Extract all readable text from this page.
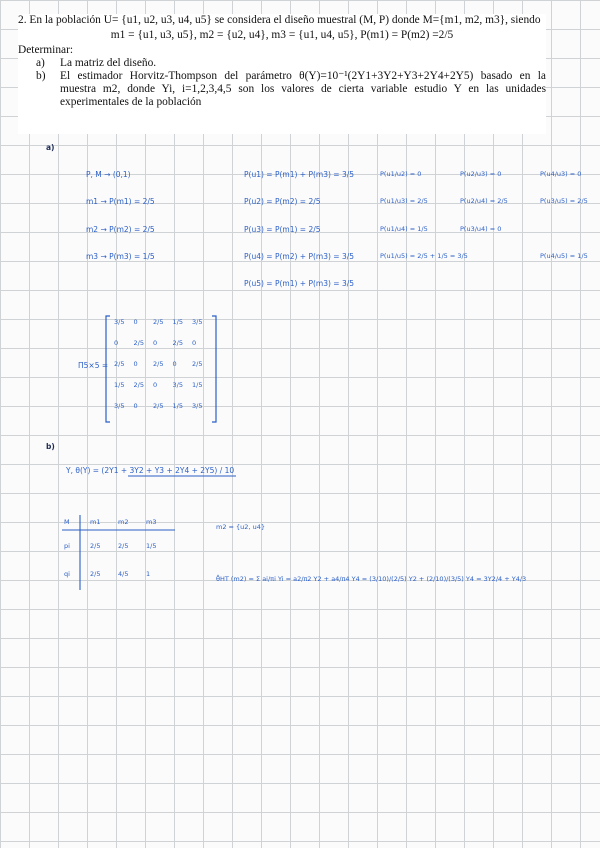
2. En la población U= {u1, u2, u3, u4, u5} se considera el diseño muestral (M, P) donde M={m1, m2, m3}, siendo
m1 = {u1, u3, u5}, m2 = {u2, u4}, m3 = {u1, u4, u5}, P(m1) = P(m2) =2/5
Determinar:
a)	La matriz del diseño.
b)	El estimador Horvitz-Thompson del parámetro θ(Y)=10⁻¹(2Y1+3Y2+Y3+2Y4+2Y5) basado en la muestra m2, donde Yi, i=1,2,3,4,5 son los valores de cierta variable estudio Y en las unidades experimentales de la población
a)
P, M → (0,1)
m1 → P(m1) = 2/5
m2 → P(m2) = 2/5
m3 → P(m3) = 1/5
P(u1) = P(m1) + P(m3) = 3/5
P(u2) = P(m2) = 2/5
P(u3) = P(m1) = 2/5
P(u4) = P(m2) + P(m3) = 3/5
P(u5) = P(m1) + P(m3) = 3/5
P(u1/u2) = 0
P(u1/u3) = 2/5
P(u1/u4) = 1/5
P(u1/u5) = 2/5 + 1/5 = 3/5
P(u2/u3) = 0
P(u2/u4) = 2/5
P(u3/u4) = 0
P(u4/u3) = 0
P(u3/u5) = 2/5
P(u4/u5) = 1/5
Π5×5 =
3/5 0 2/5 1/5 3/5
0 2/5 0 2/5 0
2/5 0 2/5 0 2/5
1/5 2/5 0 3/5 1/5
3/5 0 2/5 1/5 3/5
b)
Y, θ(Y) = (2Y1 + 3Y2 + Y3 + 2Y4 + 2Y5) / 10
M	m1	m2	m3
pi	2/5	2/5	1/5
qi	2/5	4/5	1
m2 = {u2, u4}
θ̂HT (m2) = Σ ai/πi Yi = a2/π2 Y2 + a4/π4 Y4 = (3/10)/(2/5) Y2 + (2/10)/(3/5) Y4 = 3Y2/4 + Y4/3
